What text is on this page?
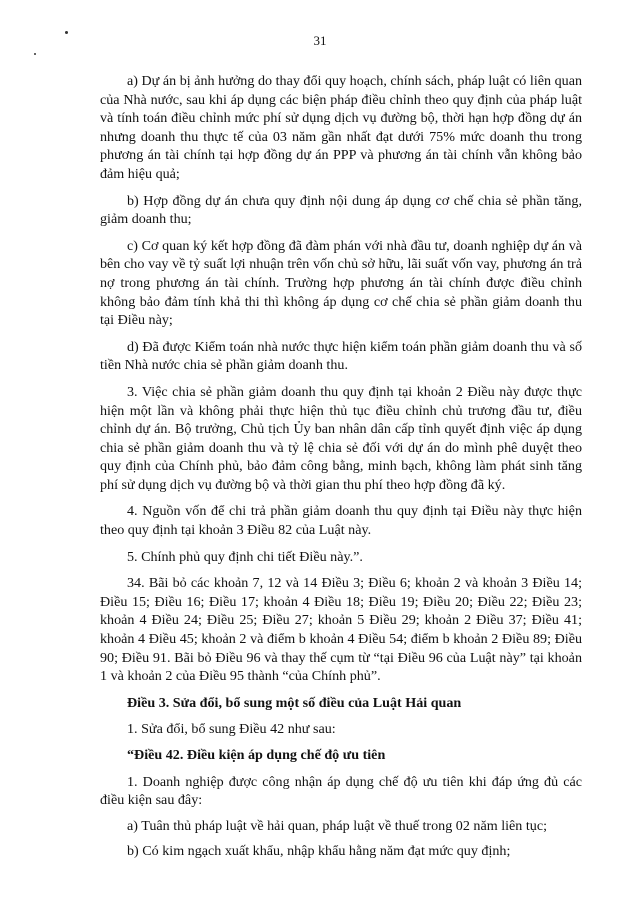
31

a) Dự án bị ảnh hưởng do thay đổi quy hoạch, chính sách, pháp luật có liên quan của Nhà nước, sau khi áp dụng các biện pháp điều chỉnh theo quy định của pháp luật và tính toán điều chỉnh mức phí sử dụng dịch vụ đường bộ, thời hạn hợp đồng dự án nhưng doanh thu thực tế của 03 năm gần nhất đạt dưới 75% mức doanh thu trong phương án tài chính tại hợp đồng dự án PPP và phương án tài chính vẫn không bảo đảm hiệu quả;

b) Hợp đồng dự án chưa quy định nội dung áp dụng cơ chế chia sẻ phần tăng, giảm doanh thu;

c) Cơ quan ký kết hợp đồng đã đàm phán với nhà đầu tư, doanh nghiệp dự án và bên cho vay về tỷ suất lợi nhuận trên vốn chủ sở hữu, lãi suất vốn vay, phương án trả nợ trong phương án tài chính. Trường hợp phương án tài chính được điều chỉnh không bảo đảm tính khả thi thì không áp dụng cơ chế chia sẻ phần giảm doanh thu tại Điều này;

d) Đã được Kiểm toán nhà nước thực hiện kiểm toán phần giảm doanh thu và số tiền Nhà nước chia sẻ phần giảm doanh thu.

3. Việc chia sẻ phần giảm doanh thu quy định tại khoản 2 Điều này được thực hiện một lần và không phải thực hiện thủ tục điều chỉnh chủ trương đầu tư, điều chỉnh dự án. Bộ trưởng, Chủ tịch Ủy ban nhân dân cấp tỉnh quyết định việc áp dụng chia sẻ phần giảm doanh thu và tỷ lệ chia sẻ đối với dự án do mình phê duyệt theo quy định của Chính phủ, bảo đảm công bằng, minh bạch, không làm phát sinh tăng phí sử dụng dịch vụ đường bộ và thời gian thu phí theo hợp đồng đã ký.

4. Nguồn vốn để chi trả phần giảm doanh thu quy định tại Điều này thực hiện theo quy định tại khoản 3 Điều 82 của Luật này.

5. Chính phủ quy định chi tiết Điều này.”.

34. Bãi bỏ các khoản 7, 12 và 14 Điều 3; Điều 6; khoản 2 và khoản 3 Điều 14; Điều 15; Điều 16; Điều 17; khoản 4 Điều 18; Điều 19; Điều 20; Điều 22; Điều 23; khoản 4 Điều 24; Điều 25; Điều 27; khoản 5 Điều 29; khoản 2 Điều 37; Điều 41; khoản 4 Điều 45; khoản 2 và điểm b khoản 4 Điều 54; điểm b khoản 2 Điều 89; Điều 90; Điều 91. Bãi bỏ Điều 96 và thay thế cụm từ “tại Điều 96 của Luật này” tại khoản 1 và khoản 2 của Điều 95 thành “của Chính phủ”.

Điều 3. Sửa đổi, bổ sung một số điều của Luật Hải quan

1. Sửa đổi, bổ sung Điều 42 như sau:

“Điều 42. Điều kiện áp dụng chế độ ưu tiên

1. Doanh nghiệp được công nhận áp dụng chế độ ưu tiên khi đáp ứng đủ các điều kiện sau đây:

a) Tuân thủ pháp luật về hải quan, pháp luật về thuế trong 02 năm liên tục;

b) Có kim ngạch xuất khẩu, nhập khẩu hằng năm đạt mức quy định;
